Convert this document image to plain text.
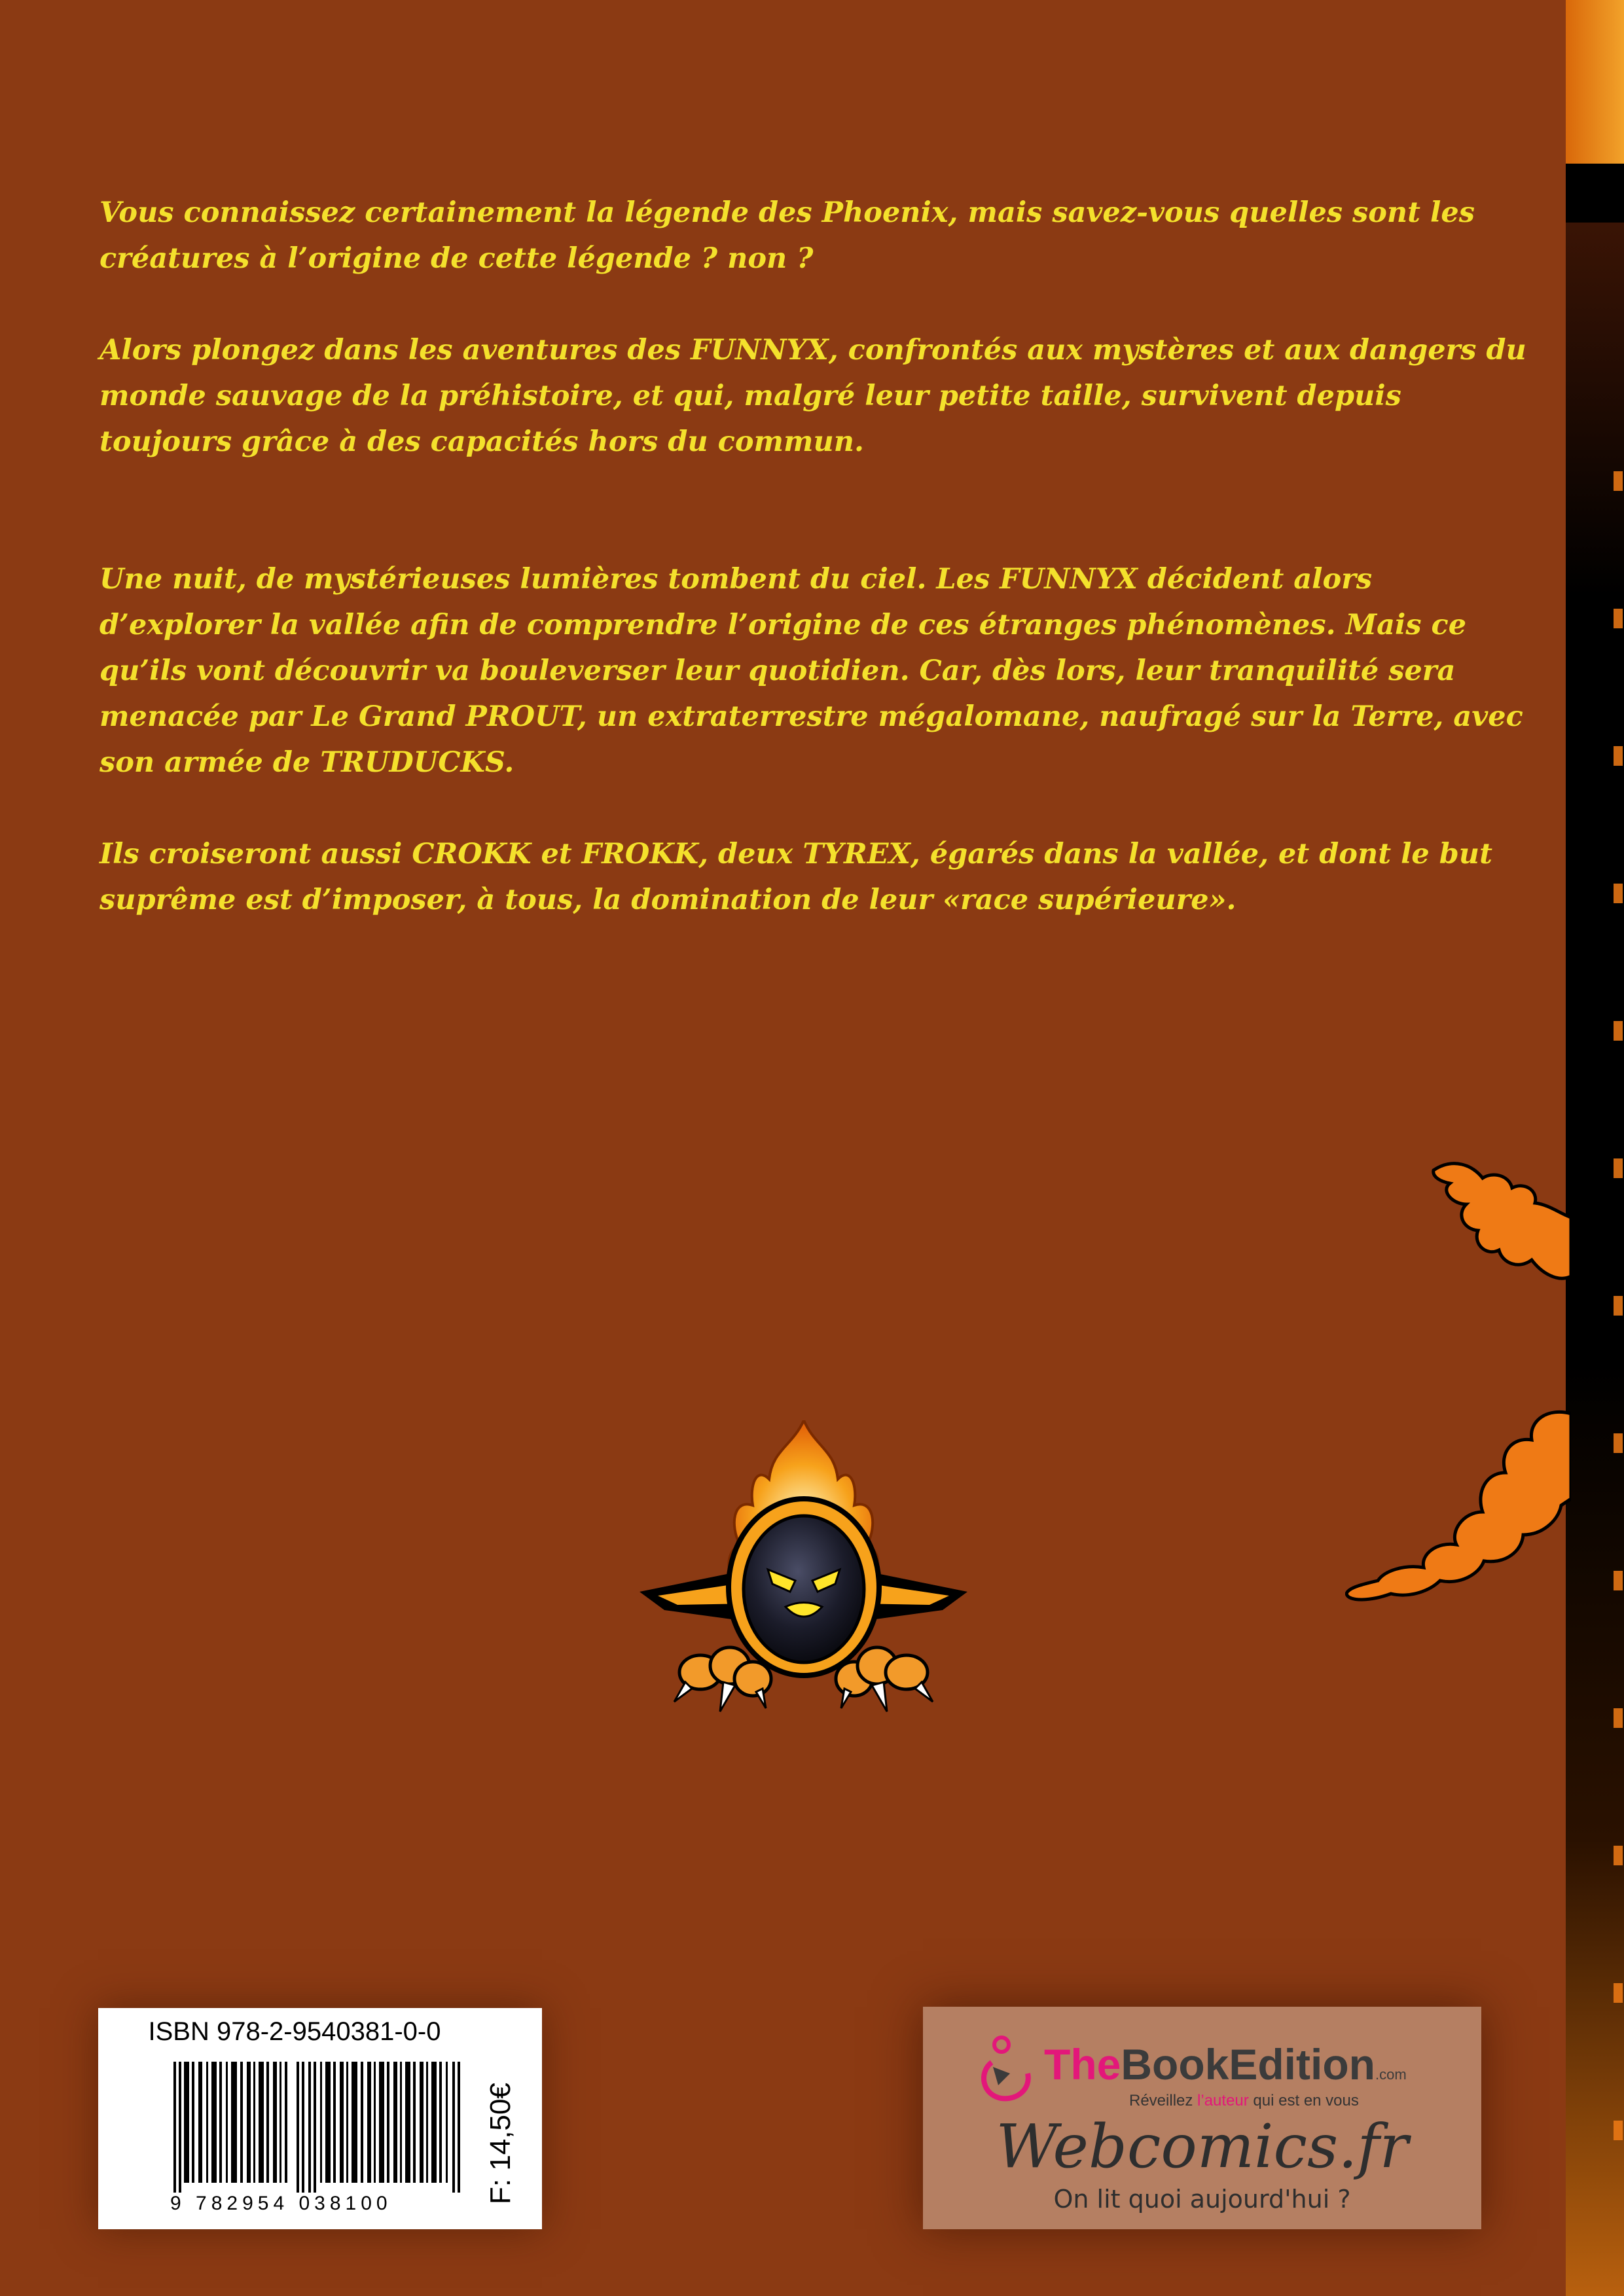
Vous connaissez certainement la légende des Phoenix, mais savez-vous quelles sont les créatures à l’origine de cette légende ? non ?

Alors plongez dans les aventures des FUNNYX, confrontés aux mystères et aux dangers du monde sauvage de la préhistoire, et qui, malgré leur petite taille, survivent depuis toujours grâce à des capacités hors du commun.

Une nuit, de mystérieuses lumières tombent du ciel. Les FUNNYX décident alors d’explorer la vallée afin de comprendre l’origine de ces étranges phénomènes. Mais ce qu’ils vont découvrir va bouleverser leur quotidien. Car, dès lors, leur tranquilité sera menacée par Le Grand PROUT, un extraterrestre mégalomane, naufragé sur la Terre, avec son armée de TRUDUCKS.

Ils croiseront aussi CROKK et FROKK, deux TYREX, égarés dans la vallée, et dont le but suprême est d’imposer, à tous, la domination de leur «race supérieure».

ISBN 978-2-9540381-0-0
9 782954 038100	F: 14,50€
TheBookEdition.com
Réveillez l’auteur qui est en vous
Webcomics.fr
On lit quoi aujourd'hui ?
